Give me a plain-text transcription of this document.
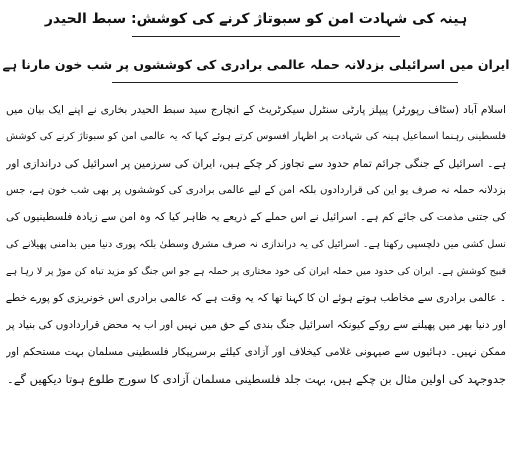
ہینہ کی شہادت امن کو سبوتاژ کرنے کی کوشش: سبط الحیدر
ایران میں اسرائیلی بزدلانہ حملہ عالمی برادری کی کوششوں پر شب خون مارنا ہے
اسلام آباد (سٹاف رپورٹر) پیپلز پارٹی سنٹرل سیکرٹریٹ کے انچارج سید سبط الحیدر بخاری نے اپنے ایک بیان میں
فلسطینی رہنما اسماعیل ہینہ کی شہادت پر اظہار افسوس کرتے ہوئے کہا کہ یہ عالمی امن کو سبوتاژ کرنے کی کوشش
ہے۔ اسرائیل کے جنگی جرائم تمام حدود سے تجاوز کر چکے ہیں، ایران کی سرزمین پر اسرائیل کی دراندازی اور
بزدلانہ حملہ نہ صرف یو این کی قراردادوں بلکہ امن کے لیے عالمی برادری کی کوششوں پر بھی شب خون ہے، جس
کی جتنی مذمت کی جائے کم ہے۔ اسرائیل نے اس حملے کے ذریعے یہ ظاہر کیا کہ وہ امن سے زیادہ فلسطینیوں کی
نسل کشی میں دلچسپی رکھتا ہے۔ اسرائیل کی یہ دراندازی نہ صرف مشرق وسطیٰ بلکہ پوری دنیا میں بدامنی پھیلانے کی
قبیح کوشش ہے۔ ایران کی حدود میں حملہ ایران کی خود مختاری پر حملہ ہے جو اس جنگ کو مزید تباہ کن موڑ پر لا رہا ہے
۔ عالمی برادری سے مخاطب ہوتے ہوئے ان کا کہنا تھا کہ یہ وقت ہے کہ عالمی برادری اس خونریزی کو پورے خطے
اور دنیا بھر میں پھیلنے سے روکے کیونکہ اسرائیل جنگ بندی کے حق میں نہیں اور اب یہ محض قراردادوں کی بنیاد پر
ممکن نہیں۔ دہائیوں سے صیہونی غلامی کیخلاف اور آزادی کیلئے برسرپیکار فلسطینی مسلمان بہت مستحکم اور
جدوجہد کی اولین مثال بن چکے ہیں، بہت جلد فلسطینی مسلمان آزادی کا سورج طلوع ہوتا دیکھیں گے۔
